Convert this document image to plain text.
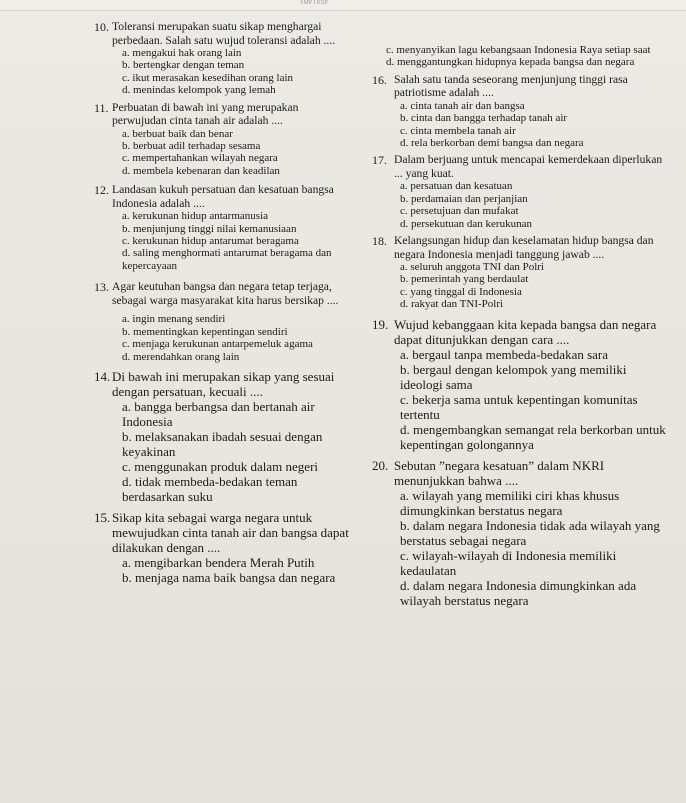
SMP I KSP
10. Toleransi merupakan suatu sikap menghargai perbedaan. Salah satu wujud toleransi adalah ....
a. mengakui hak orang lain
b. bertengkar dengan teman
c. ikut merasakan kesedihan orang lain
d. menindas kelompok yang lemah
11. Perbuatan di bawah ini yang merupakan perwujudan cinta tanah air adalah ....
a. berbuat baik dan benar
b. berbuat adil terhadap sesama
c. mempertahankan wilayah negara
d. membela kebenaran dan keadilan
12. Landasan kukuh persatuan dan kesatuan bangsa Indonesia adalah ....
a. kerukunan hidup antarmanusia
b. menjunjung tinggi nilai kemanusiaan
c. kerukunan hidup antarumat beragama
d. saling menghormati antarumat beragama dan kepercayaan
13. Agar keutuhan bangsa dan negara tetap terjaga, sebagai warga masyarakat kita harus bersikap ....
a. ingin menang sendiri
b. mementingkan kepentingan sendiri
c. menjaga kerukunan antarpemeluk agama
d. merendahkan orang lain
14. Di bawah ini merupakan sikap yang sesuai dengan persatuan, kecuali ....
a. bangga berbangsa dan bertanah air Indonesia
b. melaksanakan ibadah sesuai dengan keyakinan
c. menggunakan produk dalam negeri
d. tidak membeda-bedakan teman berdasarkan suku
15. Sikap kita sebagai warga negara untuk mewujudkan cinta tanah air dan bangsa dapat dilakukan dengan ....
a. mengibarkan bendera Merah Putih
b. menjaga nama baik bangsa dan negara
c. menyanyikan lagu kebangsaan Indonesia Raya setiap saat
d. menggantungkan hidupnya kepada bangsa dan negara
16. Salah satu tanda seseorang menjunjung tinggi rasa patriotisme adalah ....
a. cinta tanah air dan bangsa
b. cinta dan bangga terhadap tanah air
c. cinta membela tanah air
d. rela berkorban demi bangsa dan negara
17. Dalam berjuang untuk mencapai kemerdekaan diperlukan ... yang kuat.
a. persatuan dan kesatuan
b. perdamaian dan perjanjian
c. persetujuan dan mufakat
d. persekutuan dan kerukunan
18. Kelangsungan hidup dan keselamatan hidup bangsa dan negara Indonesia menjadi tanggung jawab ....
a. seluruh anggota TNI dan Polri
b. pemerintah yang berdaulat
c. yang tinggal di Indonesia
d. rakyat dan TNI-Polri
19. Wujud kebanggaan kita kepada bangsa dan negara dapat ditunjukkan dengan cara ....
a. bergaul tanpa membeda-bedakan sara
b. bergaul dengan kelompok yang memiliki ideologi sama
c. bekerja sama untuk kepentingan komunitas tertentu
d. mengembangkan semangat rela berkorban untuk kepentingan golongannya
20. Sebutan ”negara kesatuan” dalam NKRI menunjukkan bahwa ....
a. wilayah yang memiliki ciri khas khusus dimungkinkan berstatus negara
b. dalam negara Indonesia tidak ada wilayah yang berstatus sebagai negara
c. wilayah-wilayah di Indonesia memiliki kedaulatan
d. dalam negara Indonesia dimungkinkan ada wilayah berstatus negara
